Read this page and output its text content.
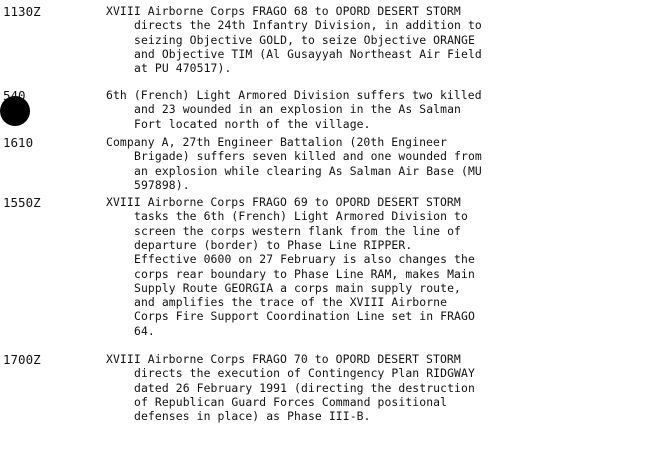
1130Z	XVIII Airborne Corps FRAGO 68 to OPORD DESERT STORM
directs the 24th Infantry Division, in addition to
seizing Objective GOLD, to seize Objective ORANGE
and Objective TIM (Al Gusayyah Northeast Air Field
at PU 470517).
540	6th (French) Light Armored Division suffers two killed
and 23 wounded in an explosion in the As Salman
Fort located north of the village.
1610	Company A, 27th Engineer Battalion (20th Engineer
Brigade) suffers seven killed and one wounded from
an explosion while clearing As Salman Air Base (MU
597898).
1550Z	XVIII Airborne Corps FRAGO 69 to OPORD DESERT STORM
tasks the 6th (French) Light Armored Division to
screen the corps western flank from the line of
departure (border) to Phase Line RIPPER.
Effective 0600 on 27 February is also changes the
corps rear boundary to Phase Line RAM, makes Main
Supply Route GEORGIA a corps main supply route,
and amplifies the trace of the XVIII Airborne
Corps Fire Support Coordination Line set in FRAGO
64.
1700Z	XVIII Airborne Corps FRAGO 70 to OPORD DESERT STORM
directs the execution of Contingency Plan RIDGWAY
dated 26 February 1991 (directing the destruction
of Republican Guard Forces Command positional
defenses in place) as Phase III-B.
